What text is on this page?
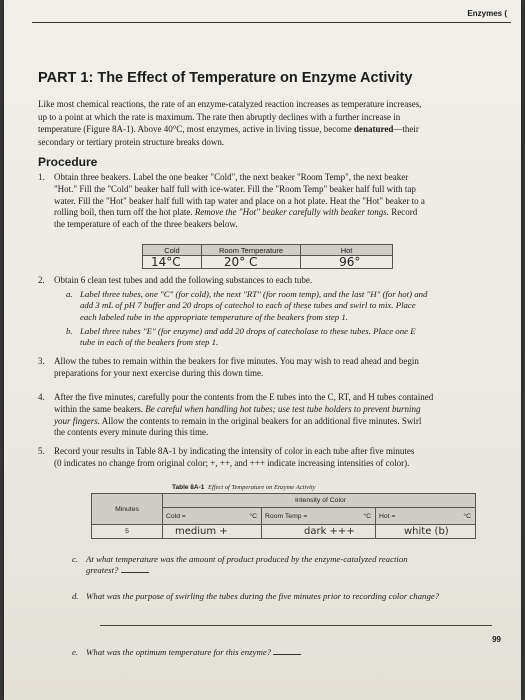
Enzymes (
PART 1: The Effect of Temperature on Enzyme Activity
Like most chemical reactions, the rate of an enzyme-catalyzed reaction increases as temperature increases,
up to a point at which the rate is maximum. The rate then abruptly declines with a further increase in
temperature (Figure 8A-1). Above 40°C, most enzymes, active in living tissue, become denatured—their
secondary or tertiary protein structure breaks down.
Procedure
1. Obtain three beakers. Label the one beaker "Cold", the next beaker "Room Temp", the next beaker
"Hot." Fill the "Cold" beaker half full with ice-water. Fill the "Room Temp" beaker half full with tap
water. Fill the "Hot" beaker half full with tap water and place on a hot plate. Heat the "Hot" beaker to a
rolling boil, then turn off the hot plate. Remove the "Hot" beaker carefully with beaker tongs. Record
the temperature of each of the three beakers below.
Cold	Room Temperature	Hot
14°C	20° C	96°
2. Obtain 6 clean test tubes and add the following substances to each tube.
a. Label three tubes, one "C" (for cold), the next "RT" (for room temp), and the last "H" (for hot) and
add 3 mL of pH 7 buffer and 20 drops of catechol to each of these tubes and swirl to mix. Place
each labeled tube in the appropriate temperature of the beakers from step 1.
b. Label three tubes "E" (for enzyme) and add 20 drops of catecholase to these tubes. Place one E
tube in each of the beakers from step 1.
3. Allow the tubes to remain within the beakers for five minutes. You may wish to read ahead and begin
preparations for your next exercise during this down time.
4. After the five minutes, carefully pour the contents from the E tubes into the C, RT, and H tubes contained
within the same beakers. Be careful when handling hot tubes; use test tube holders to prevent burning
your fingers. Allow the contents to remain in the original beakers for an additional five minutes. Swirl
the contents every minute during this time.
5. Record your results in Table 8A-1 by indicating the intensity of color in each tube after five minutes
(0 indicates no change from original color; +, ++, and +++ indicate increasing intensities of color).
Table 8A-1 Effect of Temperature on Enzyme Activity
Minutes	Intensity of Color		
	Cold = °C	Room Temp = °C	Hot = °C

5	medium +	dark +++	white (b)
c. At what temperature was the amount of product produced by the enzyme-catalyzed reaction
greatest?
d. What was the purpose of swirling the tubes during the five minutes prior to recording color change?
e. What was the optimum temperature for this enzyme?
99
